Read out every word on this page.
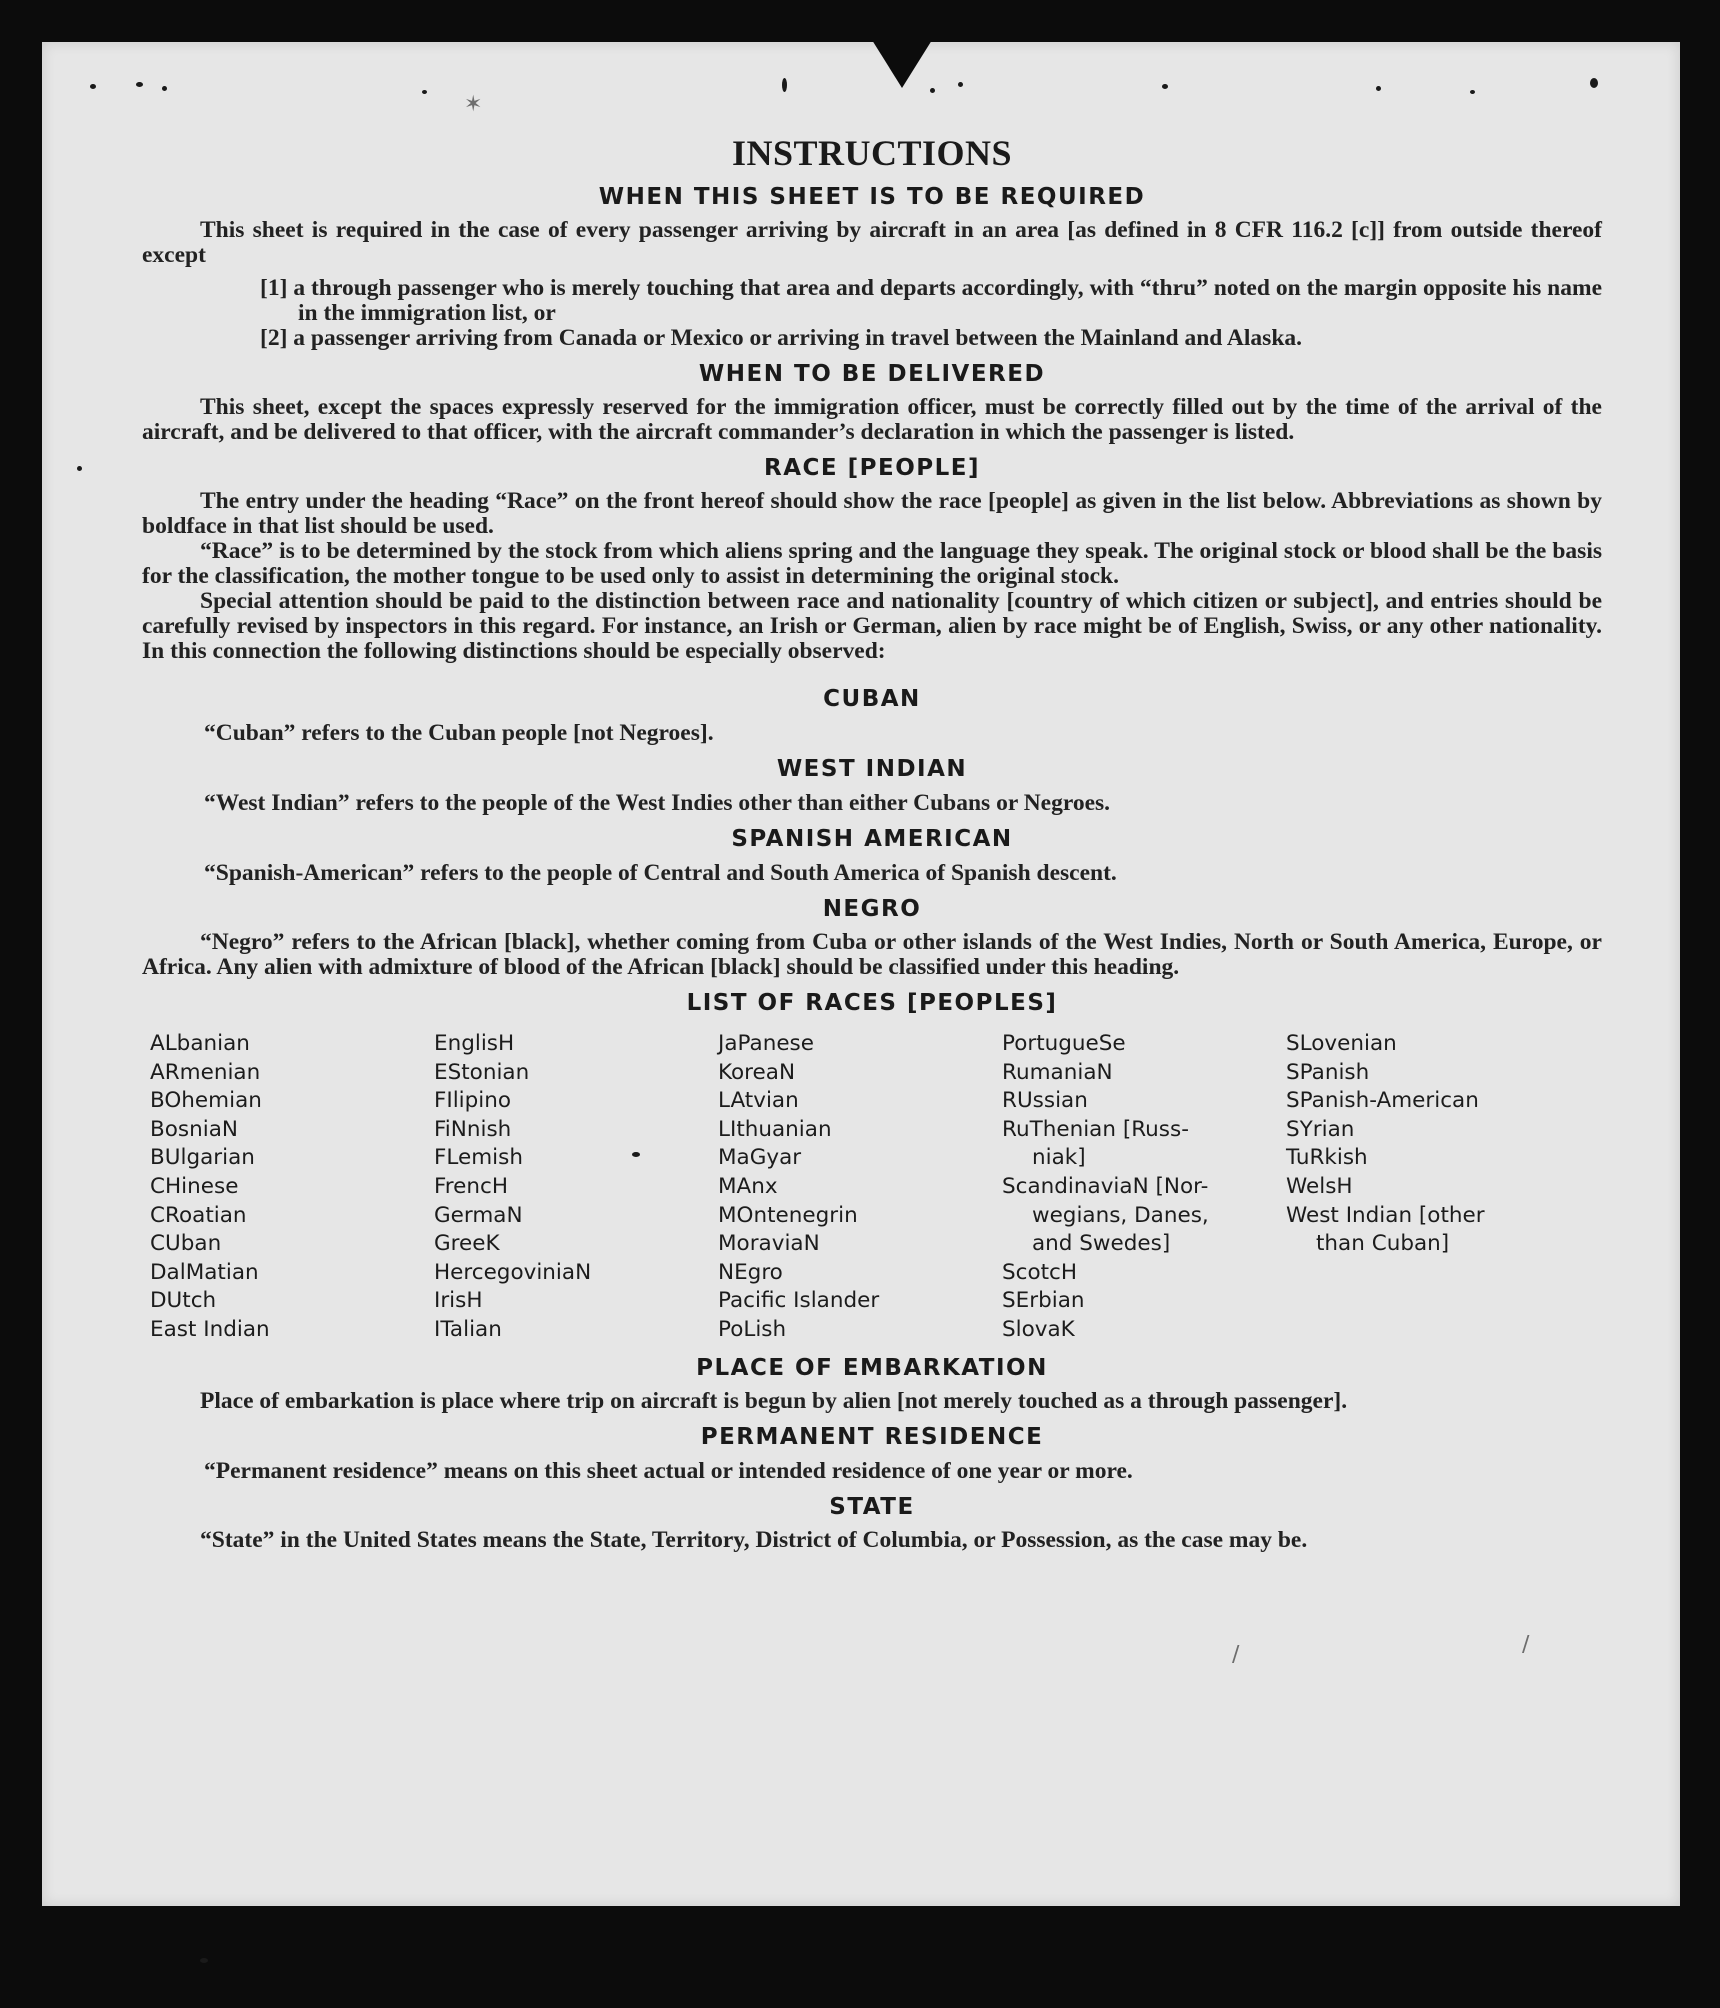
✶
∕	∕
INSTRUCTIONS
WHEN THIS SHEET IS TO BE REQUIRED
This sheet is required in the case of every passenger arriving by aircraft in an area [as defined in 8 CFR 116.2 [c]] from outside thereof except
[1] a through passenger who is merely touching that area and departs accordingly, with “thru” noted on the margin opposite his name in the immigration list, or
[2] a passenger arriving from Canada or Mexico or arriving in travel between the Mainland and Alaska.
WHEN TO BE DELIVERED
This sheet, except the spaces expressly reserved for the immigration officer, must be correctly filled out by the time of the arrival of the aircraft, and be delivered to that officer, with the aircraft commander’s declaration in which the passenger is listed.
RACE [PEOPLE]
The entry under the heading “Race” on the front hereof should show the race [people] as given in the list below. Abbreviations as shown by boldface in that list should be used.
“Race” is to be determined by the stock from which aliens spring and the language they speak. The original stock or blood shall be the basis for the classification, the mother tongue to be used only to assist in determining the original stock.
Special attention should be paid to the distinction between race and nationality [country of which citizen or subject], and entries should be carefully revised by inspectors in this regard. For instance, an Irish or German, alien by race might be of English, Swiss, or any other nationality. In this connection the following distinctions should be especially observed:
CUBAN
“Cuban” refers to the Cuban people [not Negroes].
WEST INDIAN
“West Indian” refers to the people of the West Indies other than either Cubans or Negroes.
SPANISH AMERICAN
“Spanish-American” refers to the people of Central and South America of Spanish descent.
NEGRO
“Negro” refers to the African [black], whether coming from Cuba or other islands of the West Indies, North or South America, Europe, or Africa. Any alien with admixture of blood of the African [black] should be classified under this heading.
LIST OF RACES [PEOPLES]
ALbanian
ARmenian
BOhemian
BosniaN
BUlgarian
CHinese
CRoatian
CUban
DalMatian
DUtch
East Indian
EnglisH
EStonian
FIlipino
FiNnish
FLemish
FrencH
GermaN
GreeK
HercegoviniaN
IrisH
ITalian
JaPanese
KoreaN
LAtvian
LIthuanian
MaGyar
MAnx
MOntenegrin
MoraviaN
NEgro
Pacific Islander
PoLish
PortugueSe
RumaniaN
RUssian
RuThenian [Russ-
niak]
ScandinaviaN [Nor-
wegians, Danes,
and Swedes]
ScotcH
SErbian
SlovaK
SLovenian
SPanish
SPanish-American
SYrian
TuRkish
WelsH
West Indian [other
than Cuban]
PLACE OF EMBARKATION
Place of embarkation is place where trip on aircraft is begun by alien [not merely touched as a through passenger].
PERMANENT RESIDENCE
“Permanent residence” means on this sheet actual or intended residence of one year or more.
STATE
“State” in the United States means the State, Territory, District of Columbia, or Possession, as the case may be.
